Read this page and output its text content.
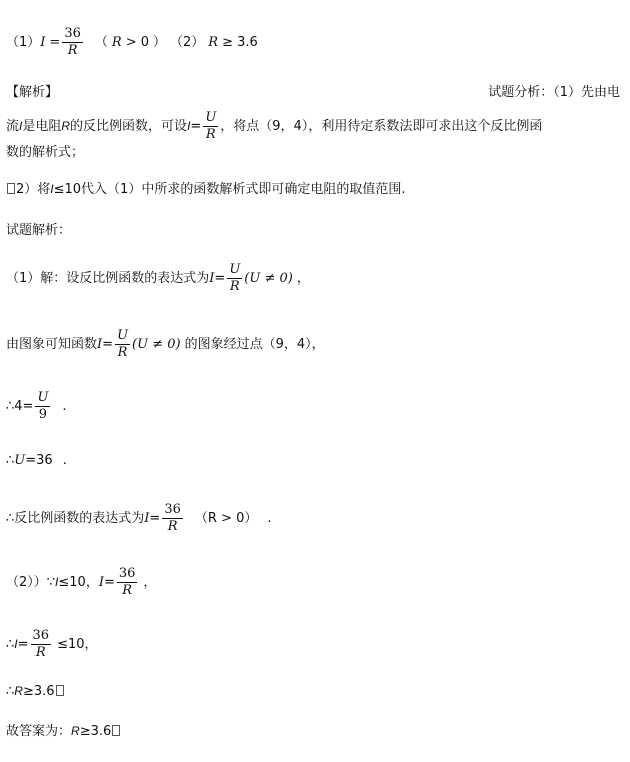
$(1)I = \frac{36}{R}$ （ R > 0 ） （2） R ≥ 3.6
【解析】	试题分析：（1）先由电
流I是电阻R的反比例函数，可设$I= \frac{U}{R}$ ，将点（9，4），利用待定系数法即可求出这个反比例函
数的解析式；
2）将I≤10代入（1）中所求的函数解析式即可确定电阻的取值范围.
试题解析：
（1）解：设反比例函数的表达式为$I= \frac{U}{R} (U \ne 0)$ ，
由图象可知函数$I= \frac{U}{R} (U \ne 0)$ 的图象经过点（9，4），
∴4= $\frac{U}{9}$ .
∴U=36 .
∴反比例函数的表达式为$I= \frac{36}{R} (R > 0)$ .
（2））∵I≤10，$I= \frac{36}{R}$ ，
∴I= $\frac{36}{R} \le 10$，
∴R≥3.6
故答案为：R≥3.6
